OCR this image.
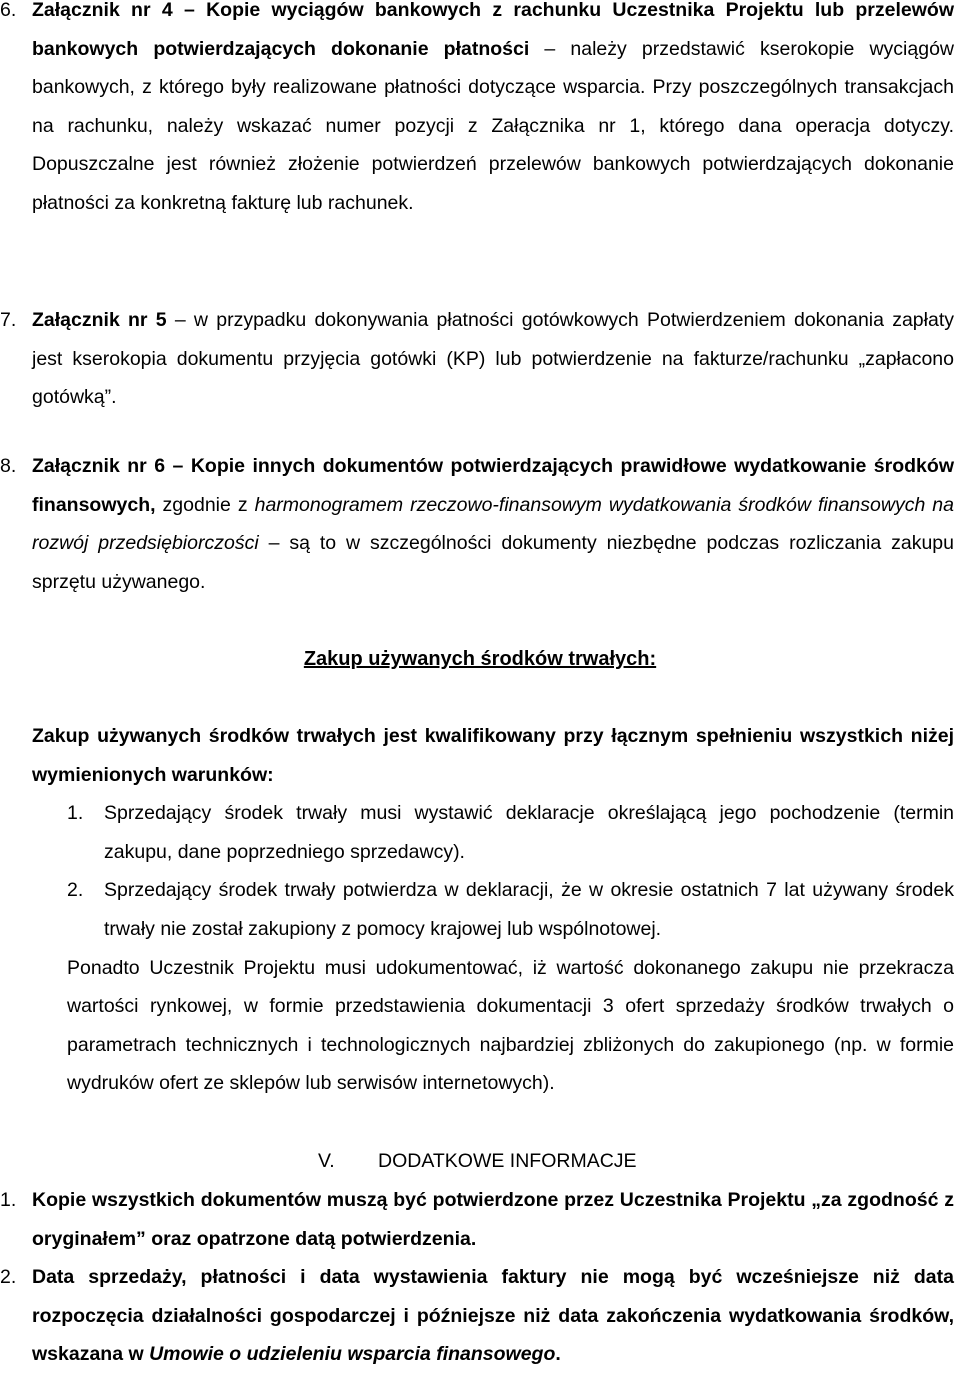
6. Załącznik nr 4 – Kopie wyciągów bankowych z rachunku Uczestnika Projektu lub przelewów bankowych potwierdzających dokonanie płatności – należy przedstawić kserokopie wyciągów bankowych, z którego były realizowane płatności dotyczące wsparcia. Przy poszczególnych transakcjach na rachunku, należy wskazać numer pozycji z Załącznika nr 1, którego dana operacja dotyczy. Dopuszczalne jest również złożenie potwierdzeń przelewów bankowych potwierdzających dokonanie płatności za konkretną fakturę lub rachunek.

7. Załącznik nr 5 – w przypadku dokonywania płatności gotówkowych Potwierdzeniem dokonania zapłaty jest kserokopia dokumentu przyjęcia gotówki (KP) lub potwierdzenie na fakturze/rachunku „zapłacono gotówką”.

8. Załącznik nr 6 – Kopie innych dokumentów potwierdzających prawidłowe wydatkowanie środków finansowych, zgodnie z harmonogramem rzeczowo-finansowym wydatkowania środków finansowych na rozwój przedsiębiorczości – są to w szczególności dokumenty niezbędne podczas rozliczania zakupu sprzętu używanego.

Zakup używanych środków trwałych:

Zakup używanych środków trwałych jest kwalifikowany przy łącznym spełnieniu wszystkich niżej wymienionych warunków:

1. Sprzedający środek trwały musi wystawić deklaracje określającą jego pochodzenie (termin zakupu, dane poprzedniego sprzedawcy).
2. Sprzedający środek trwały potwierdza w deklaracji, że w okresie ostatnich 7 lat używany środek trwały nie został zakupiony z pomocy krajowej lub wspólnotowej.

Ponadto Uczestnik Projektu musi udokumentować, iż wartość dokonanego zakupu nie przekracza wartości rynkowej, w formie przedstawienia dokumentacji 3 ofert sprzedaży środków trwałych o parametrach technicznych i technologicznych najbardziej zbliżonych do zakupionego (np. w formie wydruków ofert ze sklepów lub serwisów internetowych).

V. DODATKOWE INFORMACJE

1. Kopie wszystkich dokumentów muszą być potwierdzone przez Uczestnika Projektu „za zgodność z oryginałem” oraz opatrzone datą potwierdzenia.

2. Data sprzedaży, płatności i data wystawienia faktury nie mogą być wcześniejsze niż data rozpoczęcia działalności gospodarczej i późniejsze niż data zakończenia wydatkowania środków, wskazana w Umowie o udzieleniu wsparcia finansowego.
